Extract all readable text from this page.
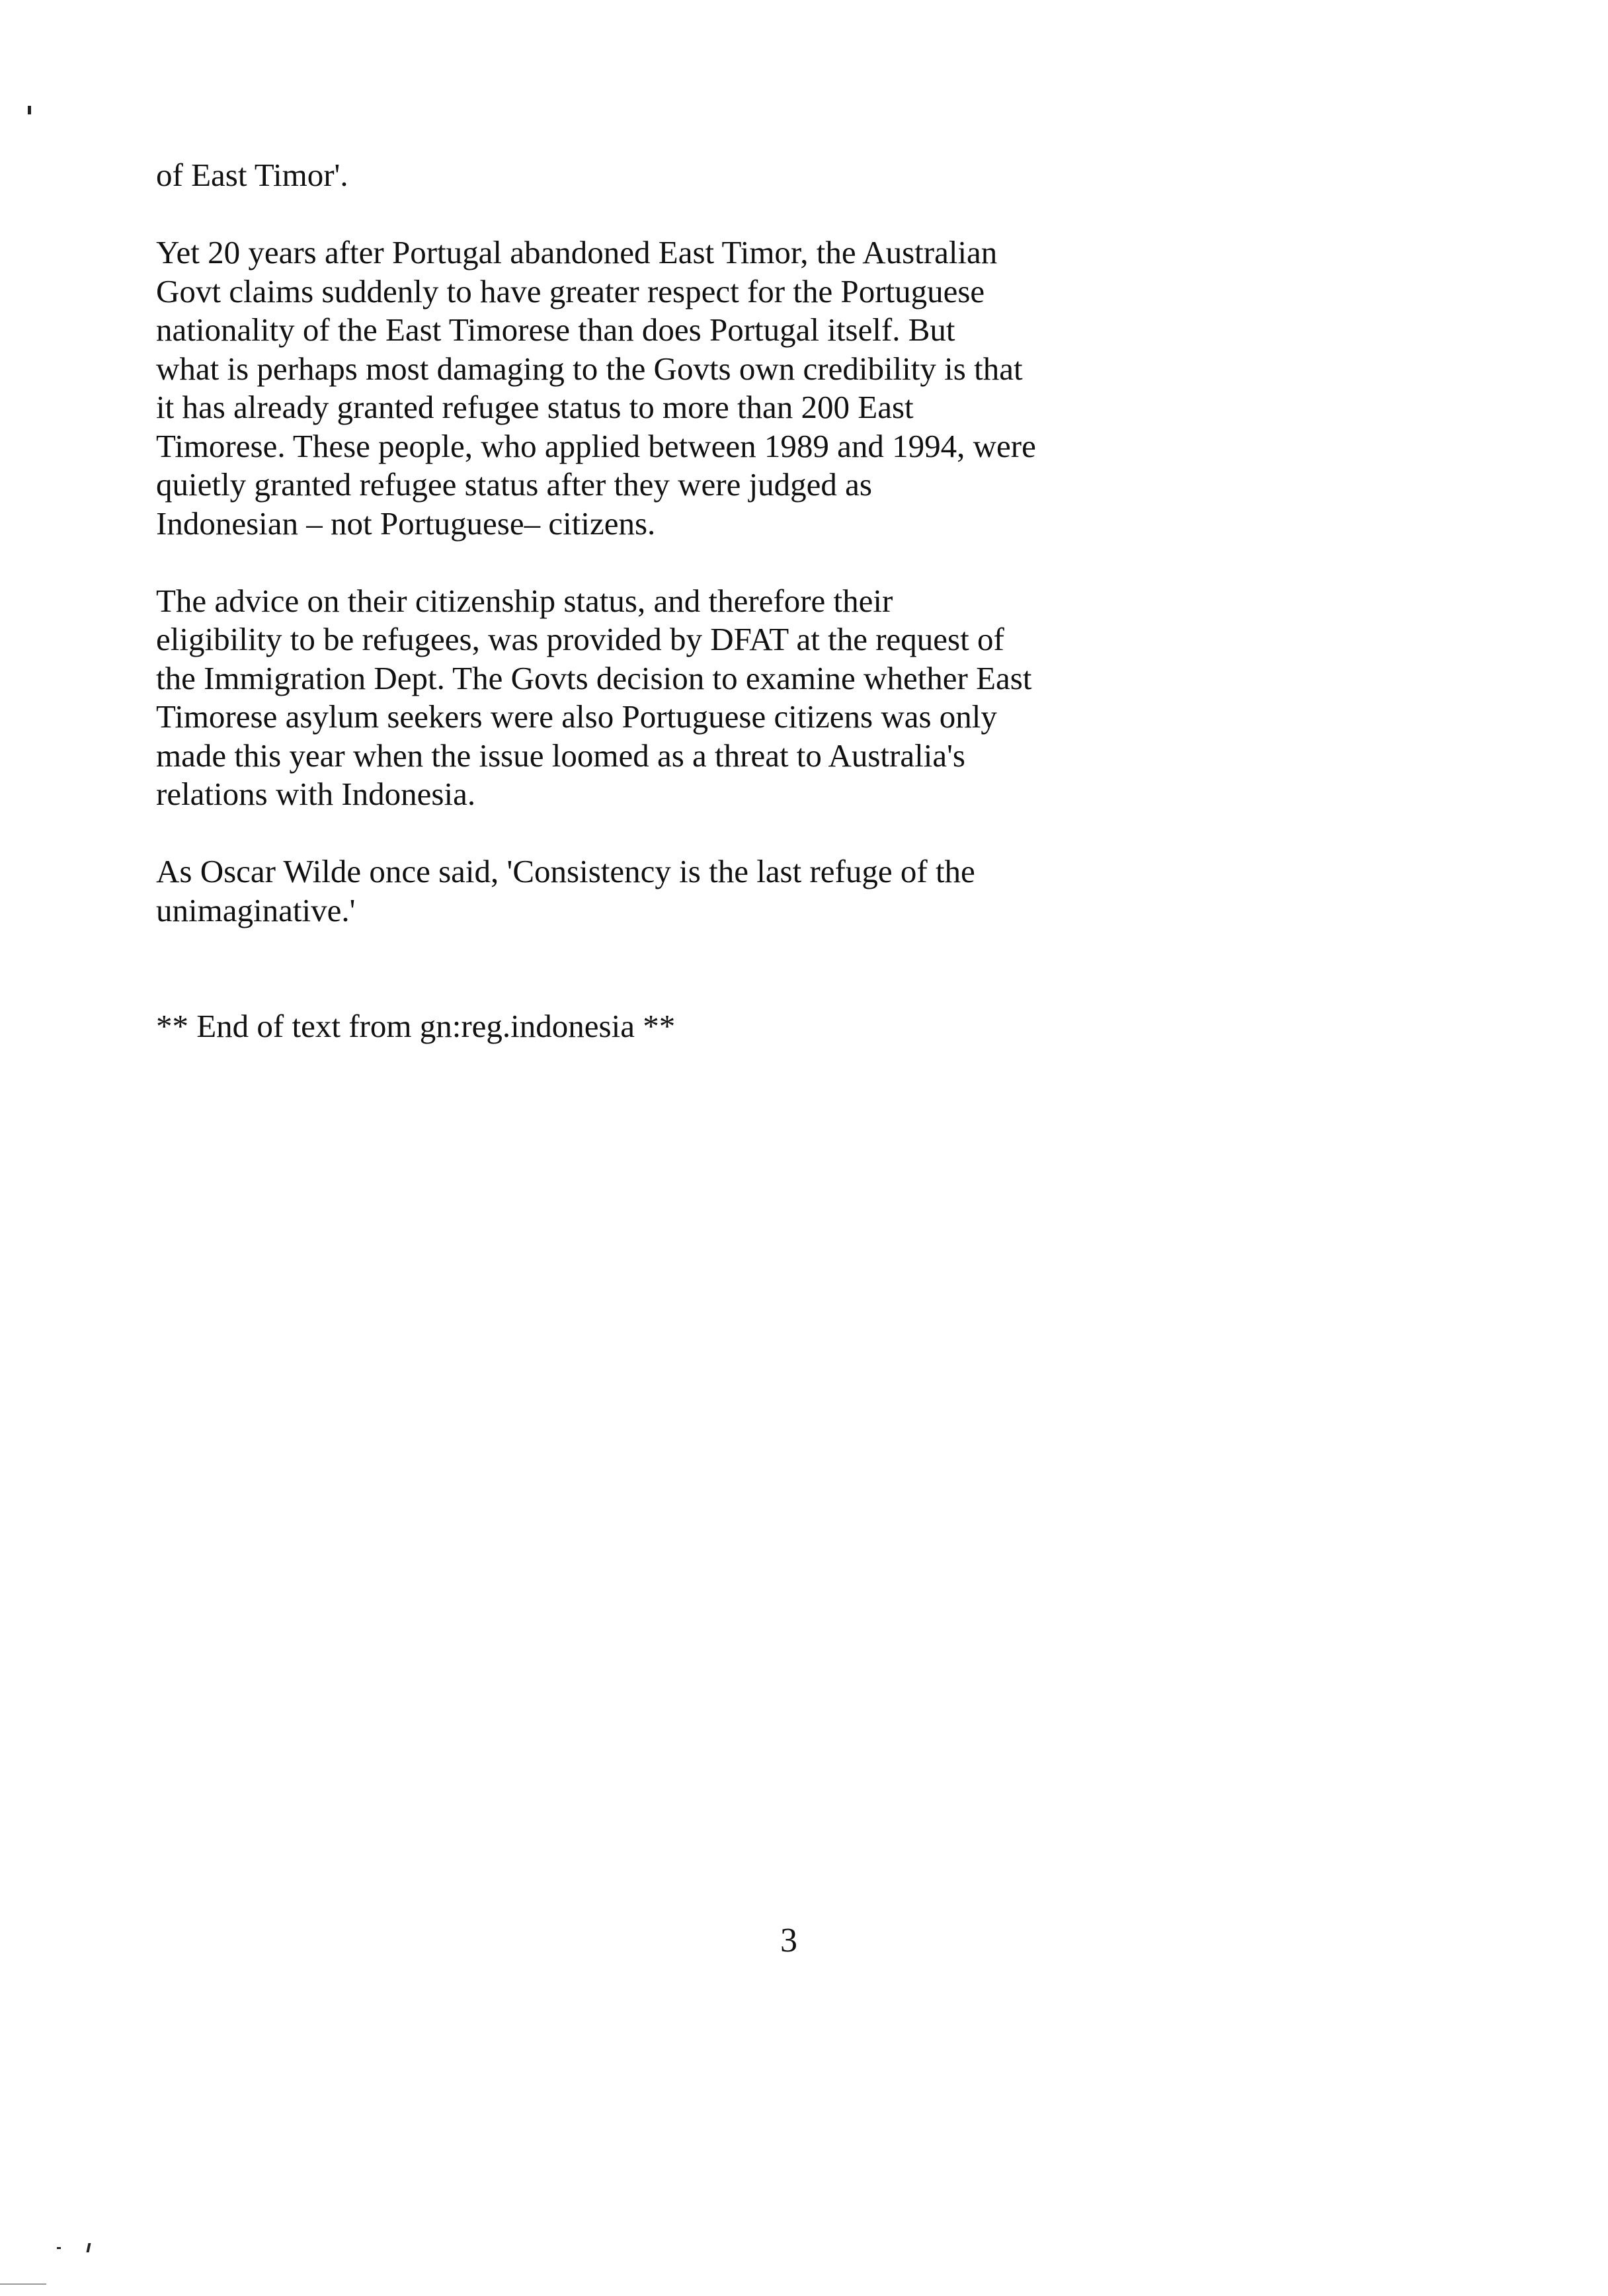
of East Timor'.
Yet 20 years after Portugal abandoned East Timor, the Australian
Govt claims suddenly to have greater respect for the Portuguese
nationality of the East Timorese than does Portugal itself. But
what is perhaps most damaging to the Govts own credibility is that
it has already granted refugee status to more than 200 East
Timorese. These people, who applied between 1989 and 1994, were
quietly granted refugee status after they were judged as
Indonesian – not Portuguese– citizens.
The advice on their citizenship status, and therefore their
eligibility to be refugees, was provided by DFAT at the request of
the Immigration Dept. The Govts decision to examine whether East
Timorese asylum seekers were also Portuguese citizens was only
made this year when the issue loomed as a threat to Australia's
relations with Indonesia.
As Oscar Wilde once said, 'Consistency is the last refuge of the
unimaginative.'
** End of text from gn:reg.indonesia **
3
